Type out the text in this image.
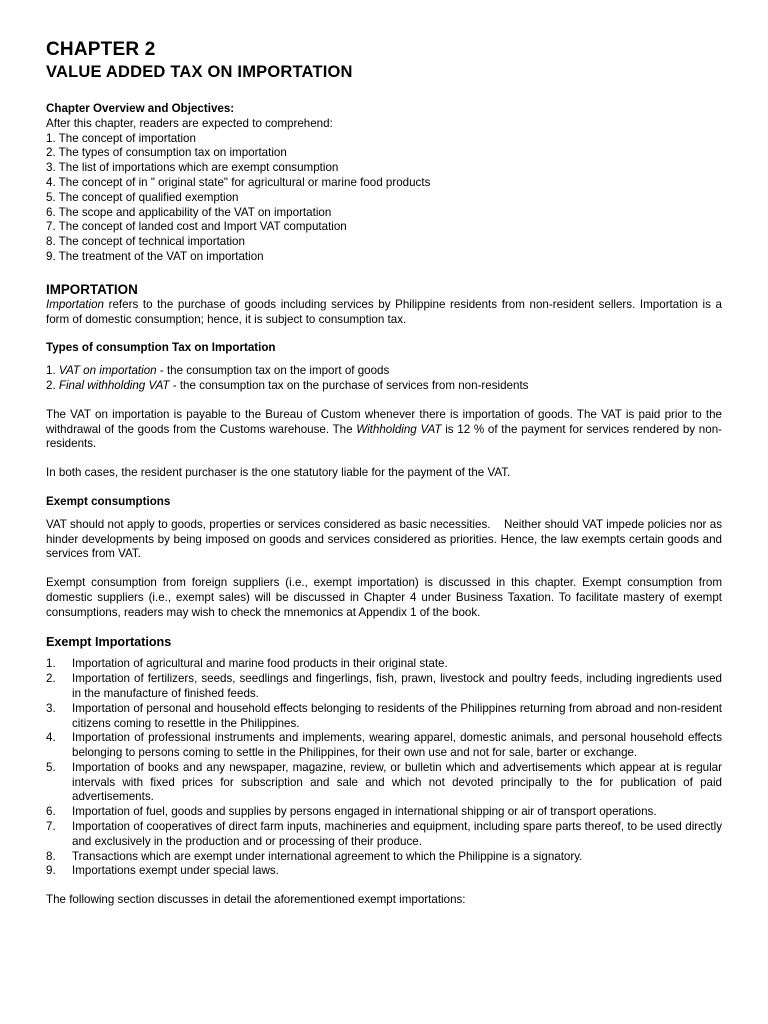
CHAPTER 2
VALUE ADDED TAX ON IMPORTATION

Chapter Overview and Objectives:

After this chapter, readers are expected to comprehend:

1. The concept of importation
2. The types of consumption tax on importation
3. The list of importations which are exempt consumption
4. The concept of in " original state" for agricultural or marine food products
5. The concept of qualified exemption
6. The scope and applicability of the VAT on importation
7. The concept of landed cost and Import VAT computation
8. The concept of technical importation
9. The treatment of the VAT on importation

IMPORTATION

Importation refers to the purchase of goods including services by Philippine residents from non-resident sellers. Importation is a form of domestic consumption; hence, it is subject to consumption tax.

Types of consumption Tax on Importation

1. VAT on importation - the consumption tax on the import of goods

2. Final withholding VAT - the consumption tax on the purchase of services from non-residents

The VAT on importation is payable to the Bureau of Custom whenever there is importation of goods. The VAT is paid prior to the withdrawal of the goods from the Customs warehouse. The Withholding VAT is 12 % of the payment for services rendered by non-residents.

In both cases, the resident purchaser is the one statutory liable for the payment of the VAT.

Exempt consumptions

VAT should not apply to goods, properties or services considered as basic necessities.    Neither should VAT impede policies nor as hinder developments by being imposed on goods and services considered as priorities. Hence, the law exempts certain goods and services from VAT.

Exempt consumption from foreign suppliers (i.e., exempt importation) is discussed in this chapter. Exempt consumption from domestic suppliers (i.e., exempt sales) will be discussed in Chapter 4 under Business Taxation. To facilitate mastery of exempt consumptions, readers may wish to check the mnemonics at Appendix 1 of the book.

Exempt Importations

1.	Importation of agricultural and marine food products in their original state.
2.	Importation of fertilizers, seeds, seedlings and fingerlings, fish, prawn, livestock and poultry feeds, including ingredients used in the manufacture of finished feeds.
3.	Importation of personal and household effects belonging to residents of the Philippines returning from abroad and non-resident citizens coming to resettle in the Philippines.
4.	Importation of professional instruments and implements, wearing apparel, domestic animals, and personal household effects belonging to persons coming to settle in the Philippines, for their own use and not for sale, barter or exchange.
5.	Importation of books and any newspaper, magazine, review, or bulletin which and advertisements which appear at is regular intervals with fixed prices for subscription and sale and which not devoted principally to the for publication of paid advertisements.
6.	Importation of fuel, goods and supplies by persons engaged in international shipping or air of transport operations.
7.	Importation of cooperatives of direct farm inputs, machineries and equipment, including spare parts thereof, to be used directly and exclusively in the production and or processing of their produce.
8.	Transactions which are exempt under international agreement to which the Philippine is a signatory.
9.	Importations exempt under special laws.

The following section discusses in detail the aforementioned exempt importations:
